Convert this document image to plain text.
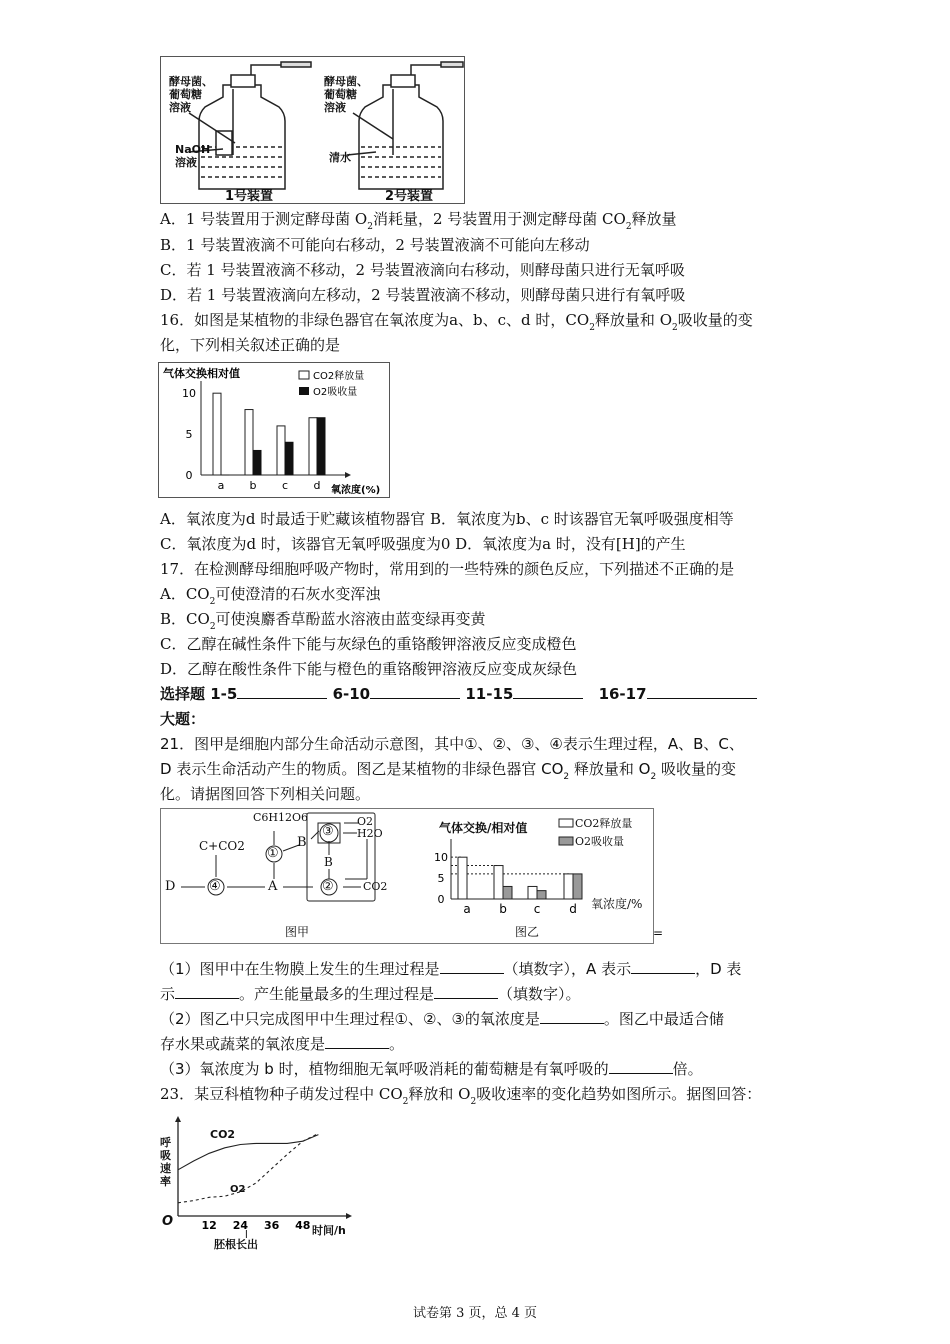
酵母菌、
葡萄糖
溶液
NaOH
溶液
酵母菌、
葡萄糖
溶液
清水
1号装置	2号装置
A．1 号装置用于测定酵母菌 $O_2$消耗量，2 号装置用于测定酵母菌 $CO_2$释放量
B．1 号装置液滴不可能向右移动，2 号装置液滴不可能向左移动
C．若 1 号装置液滴不移动，2 号装置液滴向右移动，则酵母菌只进行无氧呼吸
D．若 1 号装置液滴向左移动，2 号装置液滴不移动，则酵母菌只进行有氧呼吸
16．如图是某植物的非绿色器官在氧浓度为a、b、c、d 时，$CO_2$释放量和 $O_2$吸收量的变
化，下列相关叙述正确的是
气体交换相对值
10
5
0
a b c d 氧浓度(%)
CO2释放量
O2吸收量
A．氧浓度为d 时最适于贮藏该植物器官 B．氧浓度为b、c 时该器官无氧呼吸强度相等
C．氧浓度为d 时，该器官无氧呼吸强度为0 D．氧浓度为a 时，没有[H]的产生
17．在检测酵母细胞呼吸产物时，常用到的一些特殊的颜色反应，下列描述不正确的是
A．$CO_2$可使澄清的石灰水变浑浊
B．$CO_2$可使溴麝香草酚蓝水溶液由蓝变绿再变黄
C．乙醇在碱性条件下能与灰绿色的重铬酸钾溶液反应变成橙色
D．乙醇在酸性条件下能与橙色的重铬酸钾溶液反应变成灰绿色
选择题 1-5	6-10	11-15	16-17
大题：
21．图甲是细胞内部分生命活动示意图，其中①、②、③、④表示生理过程，A、B、C、
D 表示生命活动产生的物质。图乙是某植物的非绿色器官 $CO_2$ 释放量和 $O_2$ 吸收量的变
化。请据图回答下列相关问题。
10
5
0
a b c d
C6H12O6
C+CO2
D	A
B
B
①
②
③
④
O2
H2O
CO2
图甲
气体交换/相对值	CO2释放量
O2吸收量
氧浓度/%
图乙	=
（1）图甲中在生物膜上发生的生理过程是	（填数字），A 表示	，D 表
示	。产生能量最多的生理过程是	（填数字）。
（2）图乙中只完成图甲中生理过程①、②、③的氧浓度是	。图乙中最适合储
存水果或蔬菜的氧浓度是	。
（3）氧浓度为 b 时，植物细胞无氧呼吸消耗的葡萄糖是有氧呼吸的	倍。
23．某豆科植物种子萌发过程中 $CO_2$释放和 $O_2$吸收速率的变化趋势如图所示。据图回答：
12 24 36 48
呼吸速率
CO2
O2
O
时间/h
胚根长出
试卷第 3 页，总 4 页
